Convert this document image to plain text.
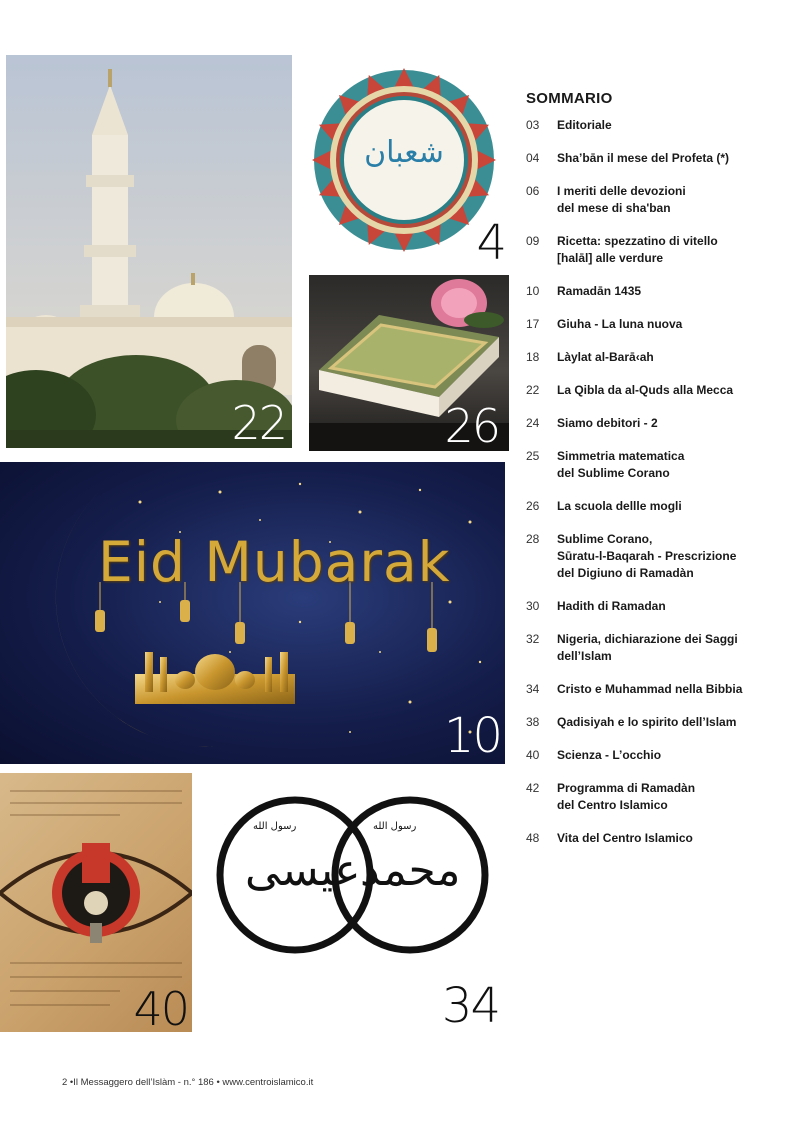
22
شعبان
4
26
Eid Mubarak
10
40
عيسى محمد
رسول الله	رسول الله
34
SOMMARIO
03	Editoriale
04	Sha’bān il mese del Profeta (*)
06	I meriti delle devozioni
del mese di sha'ban
09	Ricetta: spezzatino di vitello
[halāl] alle verdure
10	Ramadān 1435
17	Giuha - La luna nuova
18	Làylat al-Barā‹ah
22	La Qibla da al-Quds alla Mecca
24	Siamo debitori - 2
25	Simmetria matematica
del Sublime Corano
26	La scuola dellle mogli
28	Sublime Corano,
Sūratu-l-Baqarah - Prescrizione
del Digiuno di Ramadàn
30	Hadith di Ramadan
32	Nigeria, dichiarazione dei Saggi
dell’Islam
34	Cristo e Muhammad nella Bibbia
38	Qadisiyah e lo spirito dell’Islam
40	Scienza - L’occhio
42	Programma di Ramadàn
del Centro Islamico
48	Vita del Centro Islamico
2 •Il Messaggero dell’Islàm - n.° 186 • www.centroislamico.it
